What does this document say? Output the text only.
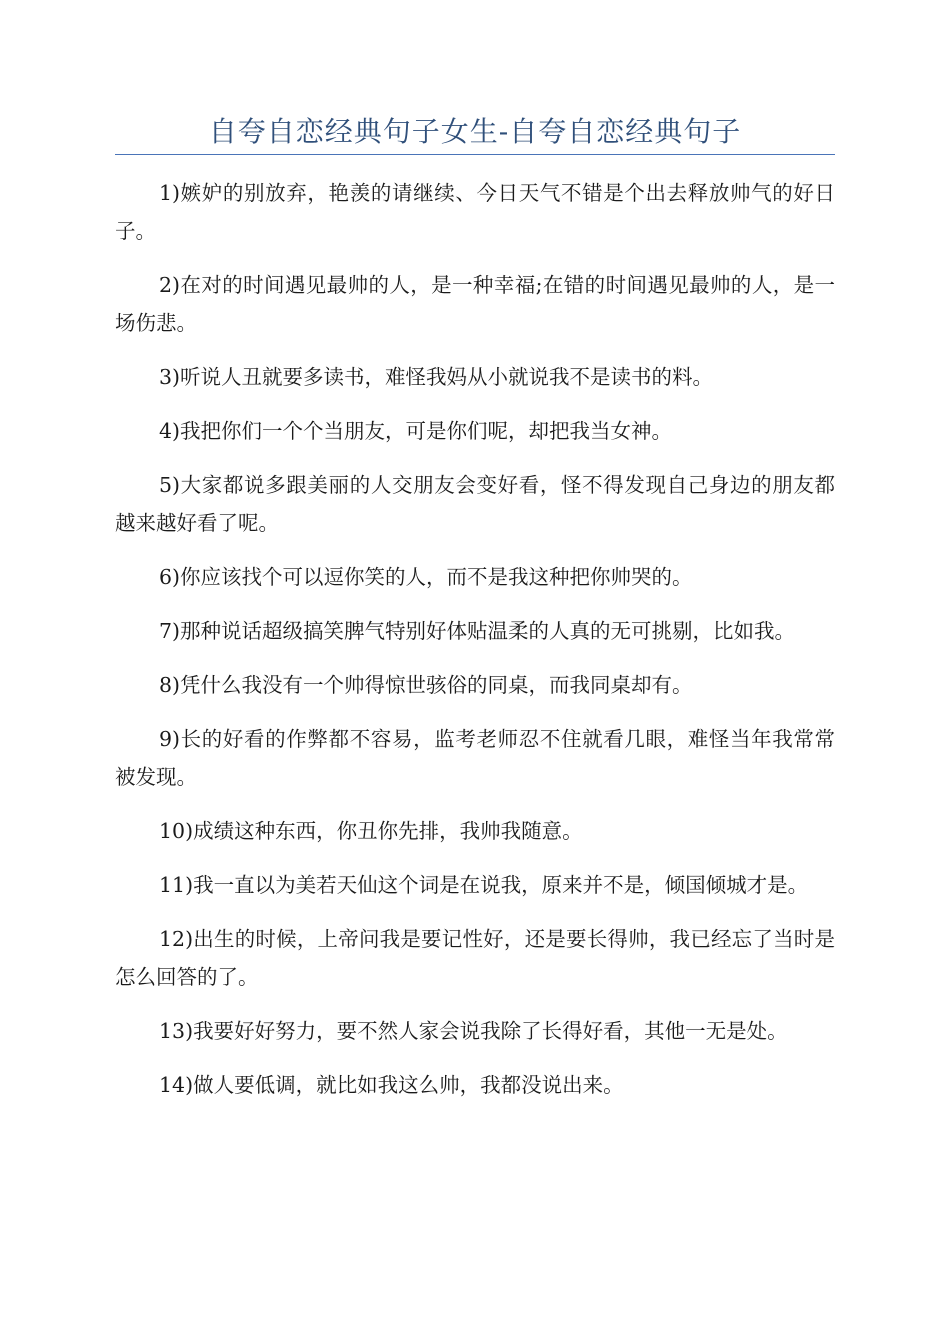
自夸自恋经典句子女生-自夸自恋经典句子

1)嫉妒的别放弃，艳羡的请继续、今日天气不错是个出去释放帅气的好日子。

2)在对的时间遇见最帅的人，是一种幸福;在错的时间遇见最帅的人，是一场伤悲。

3)听说人丑就要多读书，难怪我妈从小就说我不是读书的料。

4)我把你们一个个当朋友，可是你们呢，却把我当女神。

5)大家都说多跟美丽的人交朋友会变好看，怪不得发现自己身边的朋友都越来越好看了呢。

6)你应该找个可以逗你笑的人，而不是我这种把你帅哭的。

7)那种说话超级搞笑脾气特别好体贴温柔的人真的无可挑剔，比如我。

8)凭什么我没有一个帅得惊世骇俗的同桌，而我同桌却有。

9)长的好看的作弊都不容易，监考老师忍不住就看几眼，难怪当年我常常被发现。

10)成绩这种东西，你丑你先排，我帅我随意。

11)我一直以为美若天仙这个词是在说我，原来并不是，倾国倾城才是。

12)出生的时候，上帝问我是要记性好，还是要长得帅，我已经忘了当时是怎么回答的了。

13)我要好好努力，要不然人家会说我除了长得好看，其他一无是处。

14)做人要低调，就比如我这么帅，我都没说出来。
